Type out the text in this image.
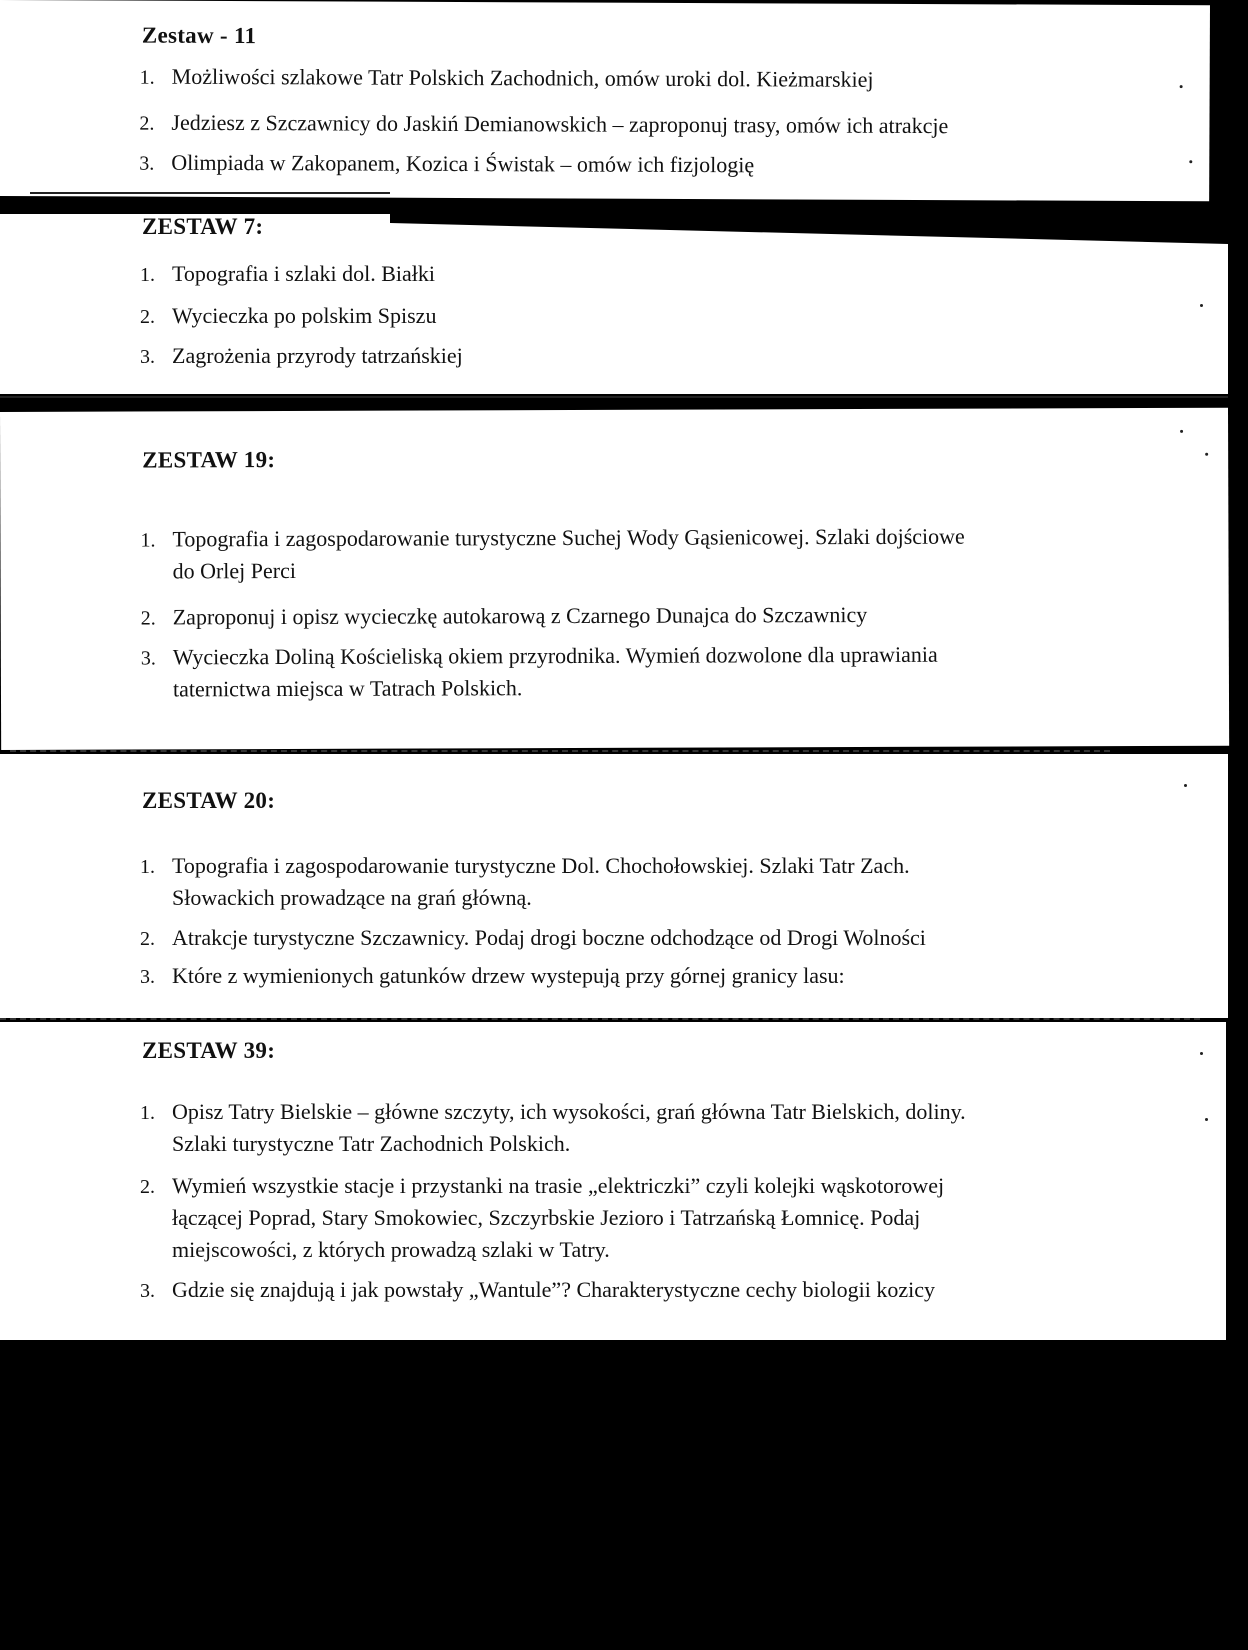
Zestaw - 11
1. Możliwości szlakowe Tatr Polskich Zachodnich, omów uroki dol. Kieżmarskiej
2. Jedziesz z Szczawnicy do Jaskiń Demianowskich – zaproponuj trasy, omów ich atrakcje
3. Olimpiada w Zakopanem, Kozica i Świstak – omów ich fizjologię
ZESTAW 7:
1. Topografia i szlaki dol. Białki
2. Wycieczka po polskim Spiszu
3. Zagrożenia przyrody tatrzańskiej
ZESTAW 19:
1. Topografia i zagospodarowanie turystyczne Suchej Wody Gąsienicowej. Szlaki dojściowe
do Orlej Perci
2. Zaproponuj i opisz wycieczkę autokarową z Czarnego Dunajca do Szczawnicy
3. Wycieczka Doliną Kościeliską okiem przyrodnika. Wymień dozwolone dla uprawiania
taternictwa miejsca w Tatrach Polskich.
ZESTAW 20:
1. Topografia i zagospodarowanie turystyczne Dol. Chochołowskiej. Szlaki Tatr Zach.
Słowackich prowadzące na grań główną.
2. Atrakcje turystyczne Szczawnicy. Podaj drogi boczne odchodzące od Drogi Wolności
3. Które z wymienionych gatunków drzew wystepują przy górnej granicy lasu:
ZESTAW 39:
1. Opisz Tatry Bielskie – główne szczyty, ich wysokości, grań główna Tatr Bielskich, doliny.
Szlaki turystyczne Tatr Zachodnich Polskich.
2. Wymień wszystkie stacje i przystanki na trasie „elektriczki” czyli kolejki wąskotorowej
łączącej Poprad, Stary Smokowiec, Szczyrbskie Jezioro i Tatrzańską Łomnicę. Podaj
miejscowości, z których prowadzą szlaki w Tatry.
3. Gdzie się znajdują i jak powstały „Wantule”? Charakterystyczne cechy biologii kozicy
